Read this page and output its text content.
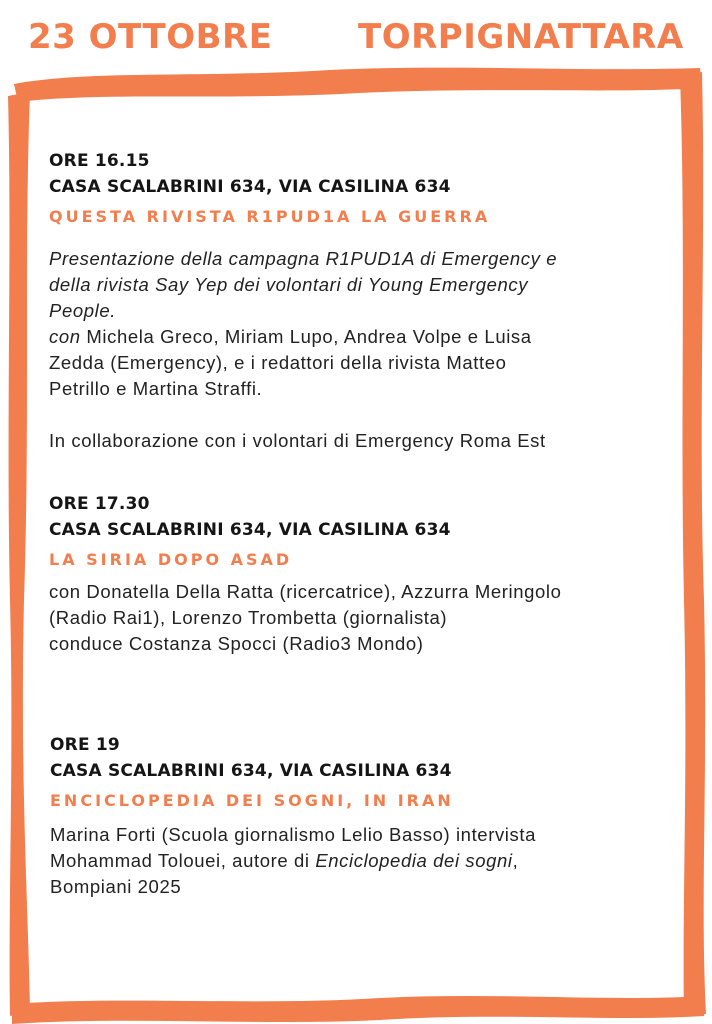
23 OTTOBRE	TORPIGNATTARA
ORE 16.15
CASA SCALABRINI 634, VIA CASILINA 634
QUESTA RIVISTA R1PUD1A LA GUERRA

Presentazione della campagna R1PUD1A di Emergency e

della rivista Say Yep dei volontari di Young Emergency

People.

con Michela Greco, Miriam Lupo, Andrea Volpe e Luisa

Zedda (Emergency), e i redattori della rivista Matteo

Petrillo e Martina Straffi.

In collaborazione con i volontari di Emergency Roma Est

ORE 17.30
CASA SCALABRINI 634, VIA CASILINA 634
LA SIRIA DOPO ASAD

con Donatella Della Ratta (ricercatrice), Azzurra Meringolo

(Radio Rai1), Lorenzo Trombetta (giornalista)

conduce Costanza Spocci (Radio3 Mondo)

ORE 19
CASA SCALABRINI 634, VIA CASILINA 634
ENCICLOPEDIA DEI SOGNI, IN IRAN

Marina Forti (Scuola giornalismo Lelio Basso) intervista

Mohammad Tolouei, autore di Enciclopedia dei sogni,

Bompiani 2025
